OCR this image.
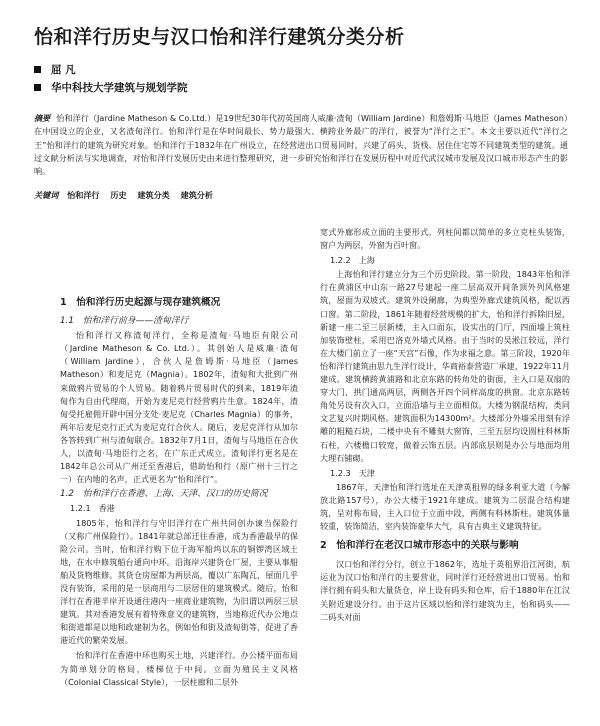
怡和洋行历史与汉口怡和洋行建筑分类分析
屈 凡
华中科技大学建筑与规划学院
摘要 怡和洋行（Jardine Matheson & Co.Ltd.）是19世纪30年代初英国商人威廉·渣甸（William Jardine）和詹姆斯·马地臣（James Matheson）在中国设立的企业，又名渣甸洋行。怡和洋行是在华时间最长、势力最强大、横跨业务最广的洋行，被誉为“洋行之王”。本文主要以近代“洋行之王”怡和洋行的建筑为研究对象。怡和洋行于1832年在广州设立，在经营进出口贸易同时，兴建了码头、货栈、居住住宅等不同建筑类型的建筑。通过文献分析法与实地调查，对怡和洋行发展历史由来进行整理研究，进一步研究怡和洋行在发展历程中对近代武汉城市发展及汉口城市形态产生的影响。
关键词 怡和洋行 历史 建筑分类 建筑分析
1　怡和洋行历史起源与现存建筑概况
1.1　怡和洋行前身——渣甸洋行

怡和洋行又称渣甸洋行，全称是渣甸·马地臣有限公司（Jardine Matheson & Co. Ltd.）。其创始人是威廉·渣甸（William Jardine），合伙人是詹姆斯·马地臣（James Matheson）和麦尼克（Magnia）。1802年，渣甸和大批到广州来做鸦片贸易的个人贸易。随着鸦片贸易时代的到来，1819年渣甸作为自由代理商，开始为麦尼克行经营鸦片生意。1824年，渣甸受托雇佣开辟中国分支处·麦尼克（Charles Magnia）的事务，两年后麦尼克行正式为麦尼克行合伙人。随后，麦尼克洋行从加尔各答转到广州与渣甸联合。1832年7月1日，渣甸与马地臣在合伙人，以渣甸·马地臣行之名，在广东正式成立。渣甸洋行更名是在1842年总公司从广州迁至香港后，借助怡和行（原广州十三行之一）在内地的名声，正式更名为“怡和洋行”。

1.2　怡和洋行在香港、上海、天津、汉口的历史简况
1.2.1　香港

1805年，怡和洋行与守旧洋行在广州共同创办谏当保险行（又称广州保险行）。1841年就总部迁往香港，成为香港最早的保险公司。当时，怡和洋行购下位于海军船坞以东的铜锣湾区域土地，在水中修筑船台通向中环。沿海岸兴建货仓厂屋，主要从事船舶及货物维修。其货仓房屋都为两层高，覆以广东陶瓦，屋面几乎没有装饰，采用的是一层商用与二层居住的建筑模式。随后，怡和洋行在香港半岸开设通往港内一座商业建筑物，为旧谓以两层三层建筑。其对香港发展有着特殊意义的建筑物，当地称近代办公地点和街道都是以地和政建制为名，例如怡和街及渣甸街等，促进了香港近代的繁荣发展。

怡和洋行在香港中环也购买土地，兴建洋行。办公楼平面布局为简单划分的格局，楼梯位于中间。立面为殖民主义风格（Colonial Classical Style），一层柱廊和二层外

宽式外廊形成立面的主要形式。列柱间都以简单的多立克柱头装饰，窗户为两层，外窗为百叶窗。

1.2.2　上海

上海怡和洋行建立分为三个历史阶段。第一阶段，1843年怡和洋行在黄浦区中山东一路27号建起一座二层高双开间条顶外列风格建筑，屋面为双坡式。建筑外设阑廊，为典型外廊式建筑风格，配以西口窗。第二阶段，1861年随着经营规模的扩大，怡和洋行拆除旧屋，新建一座二至三层新楼，主入口面东，设实出的门厅，四面墙上筑柱加装饰壁柱，采用巴洛克外墙式风格。由于当时的吴淞江较远，洋行在大楼门前立了一座“天宫”石像，作为求福之意。第三阶段，1920年怡和洋行建筑由思九生洋行设计，华商裕泰营造厂承建，1922年11月建成。建筑横跨黄浦路和北京东路的转角处的街面，主入口是双扇的穿大门，拱门通高两层，两侧各开四个同样高度的拱窗。北京东路转角处另设有次入口，立面沿墙与主立面相似。大楼为钢混结构，类同文艺复兴时期风格。建筑面积为14300m²。大楼部分外墙采用刻有浮雕的粗糙石块，二楼中央有不雕刻大窗饰，三至五层均设圆柱科林斯石柱，六楼檐口较宽，做着云饰五层。内部底层则是办公与地面均用大理石铺砌。

1.2.3　天津

1867年，天津怡和洋行选址在天津英租界的绿多利亚大道（今解放北路157号），办公大楼于1921年建成。建筑为二层混合结构建筑，呈对称布局，主入口位于立面中段，两侧有科林斯柱。建筑体量较重，装饰简洁，室内装饰豪华大气，具有古典主义建筑特征。

2　怡和洋行在老汉口城市形态中的关联与影响

汉口怡和洋行分行，创立于1862年，选址于英租界沿江河街，航运业为汉口怡和洋行的主要营业，同时洋行还经营进出口贸易。怡和洋行拥有码头和大量货仓，岸上设有码头和仓库，后于1880年在江汉关附近建设分行。由于这片区域以怡和洋行建筑为主，怡和码头——二码头对面
